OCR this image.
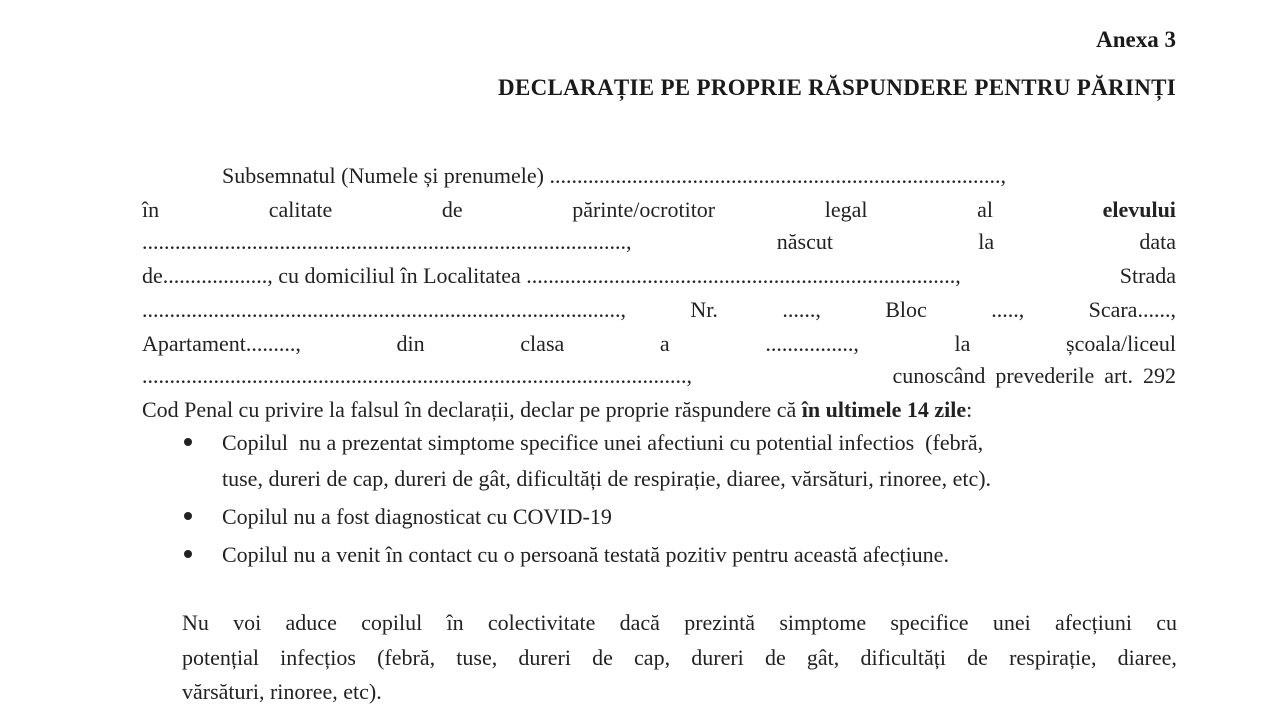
Anexa 3
DECLARAȚIE PE PROPRIE RĂSPUNDERE PENTRU PĂRINȚI
Subsemnatul (Numele și prenumele) ..................................................................................,
în	calitate	de	părinte/ocrotitor	legal	al	elevului
........................................................................................,	născut	la	data
de..................., cu domiciliul în Localitatea ..............................................................................,	Strada
.......................................................................................,	Nr.	......,	Bloc	.....,	Scara......,
Apartament.........,	din	clasa	a	................,	la	școala/liceul
...................................................................................................,	cunoscând prevederile art. 292
Cod Penal cu privire la falsul în declarații, declar pe proprie răspundere că în ultimele 14 zile:
Copilul  nu a prezentat simptome specifice unei afectiuni cu potential infectios  (febră,
tuse, dureri de cap, dureri de gât, dificultăți de respirație, diaree, vărsături, rinoree, etc).
Copilul nu a fost diagnosticat cu COVID-19
Copilul nu a venit în contact cu o persoană testată pozitiv pentru această afecțiune.
Nu voi aduce copilul în colectivitate dacă prezintă simptome specifice unei afecțiuni cu
potențial infecțios (febră, tuse, dureri de cap, dureri de gât, dificultăți de respirație, diaree,
vărsături, rinoree, etc).
